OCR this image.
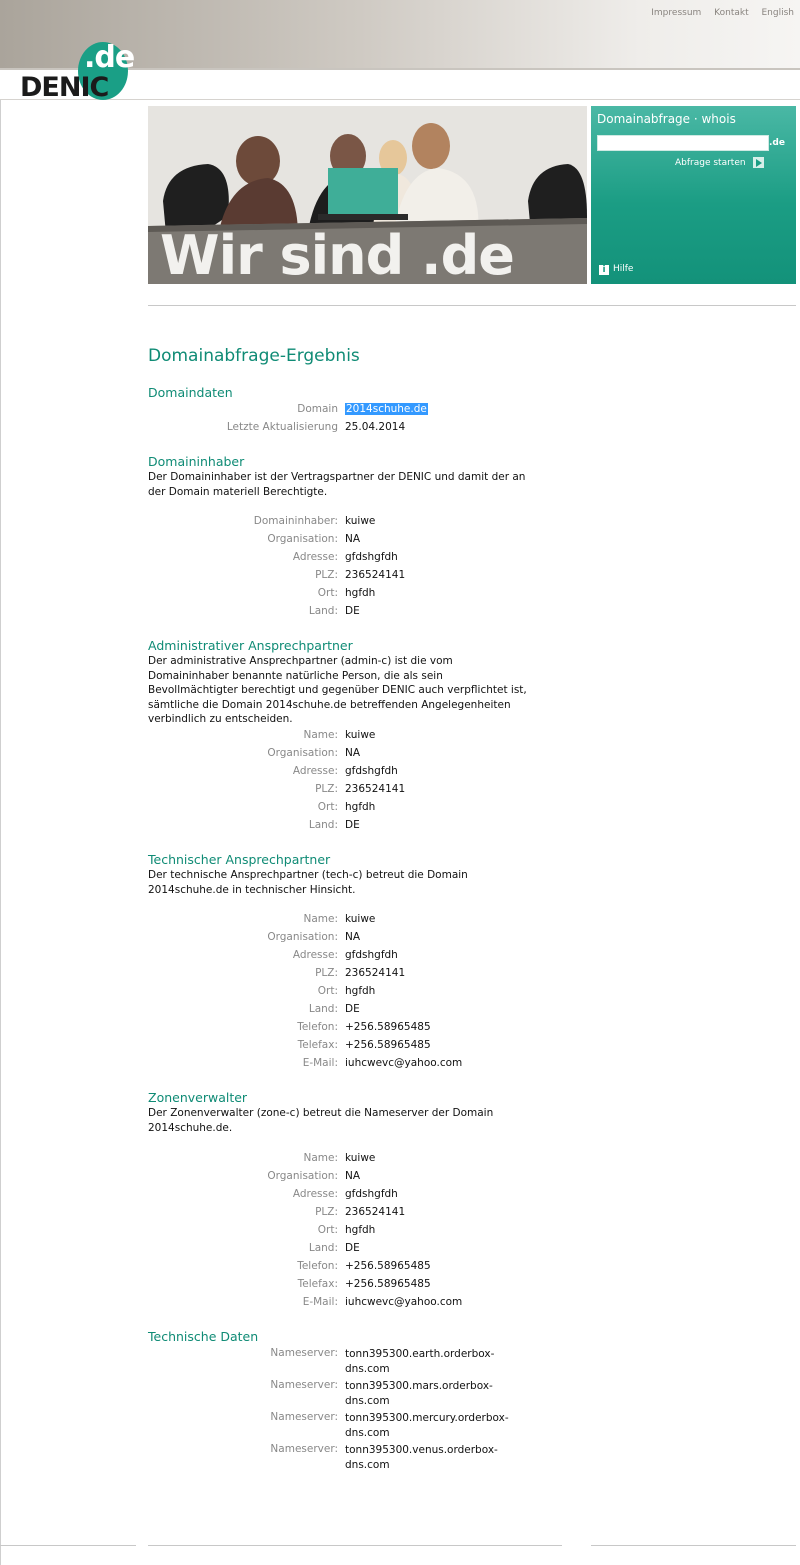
Impressum Kontakt English
.de
DENIC
Wir sind .de
Domainabfrage · whois
.de
Abfrage starten
i Hilfe
Domainabfrage-Ergebnis
Domaindaten
Domain 2014schuhe.de
Letzte Aktualisierung 25.04.2014
Domaininhaber

Der Domaininhaber ist der Vertragspartner der DENIC und damit der an der Domain materiell Berechtigte.

Domaininhaber: kuiwe
Organisation: NA
Adresse: gfdshgfdh
PLZ: 236524141
Ort: hgfdh
Land: DE
Administrativer Ansprechpartner

Der administrative Ansprechpartner (admin-c) ist die vom Domaininhaber benannte natürliche Person, die als sein Bevollmächtigter berechtigt und gegenüber DENIC auch verpflichtet ist, sämtliche die Domain 2014schuhe.de betreffenden Angelegenheiten verbindlich zu entscheiden.

Name: kuiwe
Organisation: NA
Adresse: gfdshgfdh
PLZ: 236524141
Ort: hgfdh
Land: DE
Technischer Ansprechpartner

Der technische Ansprechpartner (tech-c) betreut die Domain 2014schuhe.de in technischer Hinsicht.

Name: kuiwe
Organisation: NA
Adresse: gfdshgfdh
PLZ: 236524141
Ort: hgfdh
Land: DE
Telefon: +256.58965485
Telefax: +256.58965485
E-Mail: iuhcwevc@yahoo.com
Zonenverwalter

Der Zonenverwalter (zone-c) betreut die Nameserver der Domain 2014schuhe.de.

Name: kuiwe
Organisation: NA
Adresse: gfdshgfdh
PLZ: 236524141
Ort: hgfdh
Land: DE
Telefon: +256.58965485
Telefax: +256.58965485
E-Mail: iuhcwevc@yahoo.com
Technische Daten
Nameserver: tonn395300.earth.orderbox-dns.com
Nameserver: tonn395300.mars.orderbox-dns.com
Nameserver: tonn395300.mercury.orderbox-dns.com
Nameserver: tonn395300.venus.orderbox-dns.com
